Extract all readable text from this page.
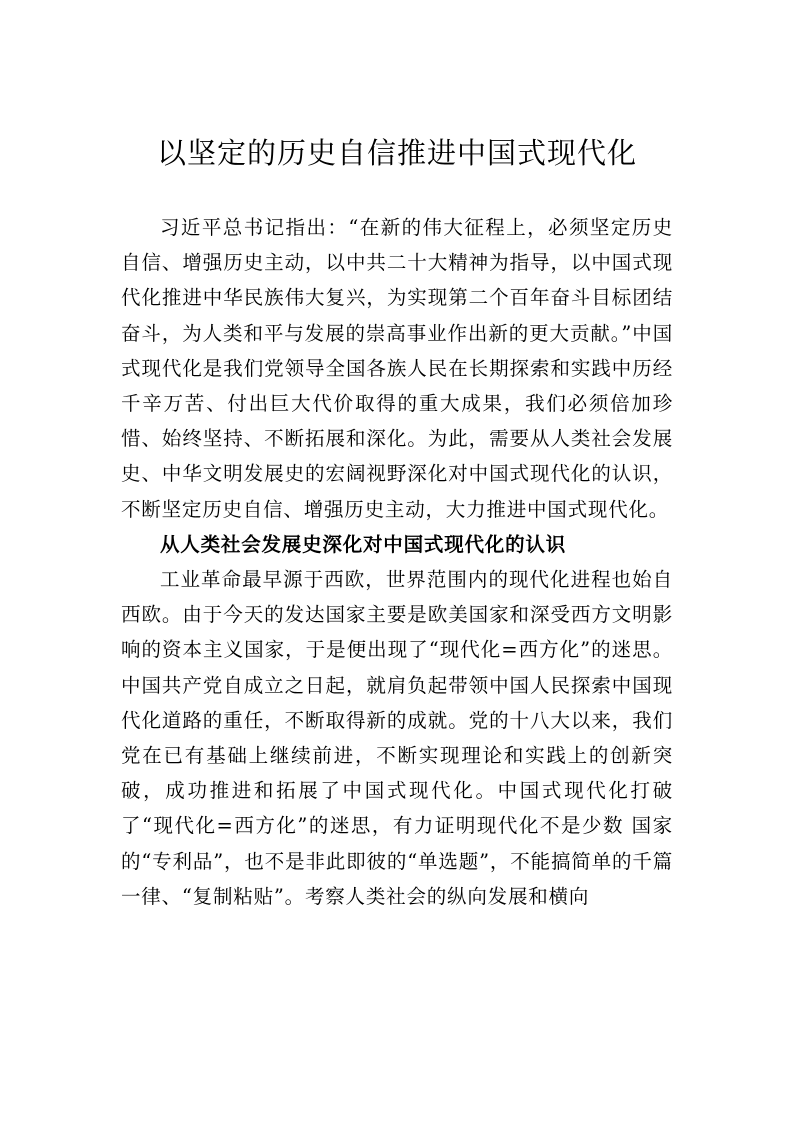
以坚定的历史自信推进中国式现代化

习近平总书记指出：“在新的伟大征程上，必须坚定历史自信、增强历史主动，以中共二十大精神为指导，以中国式现代化推进中华民族伟大复兴，为实现第二个百年奋斗目标团结奋斗，为人类和平与发展的崇高事业作出新的更大贡献。”中国式现代化是我们党领导全国各族人民在长期探索和实践中历经千辛万苦、付出巨大代价取得的重大成果，我们必须倍加珍惜、始终坚持、不断拓展和深化。为此，需要从人类社会发展史、中华文明发展史的宏阔视野深化对中国式现代化的认识，不断坚定历史自信、增强历史主动，大力推进中国式现代化。

从人类社会发展史深化对中国式现代化的认识

工业革命最早源于西欧，世界范围内的现代化进程也始自西欧。由于今天的发达国家主要是欧美国家和深受西方文明影响的资本主义国家，于是便出现了“现代化=西方化”的迷思。中国共产党自成立之日起，就肩负起带领中国人民探索中国现代化道路的重任，不断取得新的成就。党的十八大以来，我们党在已有基础上继续前进，不断实现理论和实践上的创新突破，成功推进和拓展了中国式现代化。中国式现代化打破了“现代化=西方化”的迷思，有力证明现代化不是少数 国家的“专利品”，也不是非此即彼的“单选题”，不能搞简单的千篇一律、“复制粘贴”。考察人类社会的纵向发展和横向
